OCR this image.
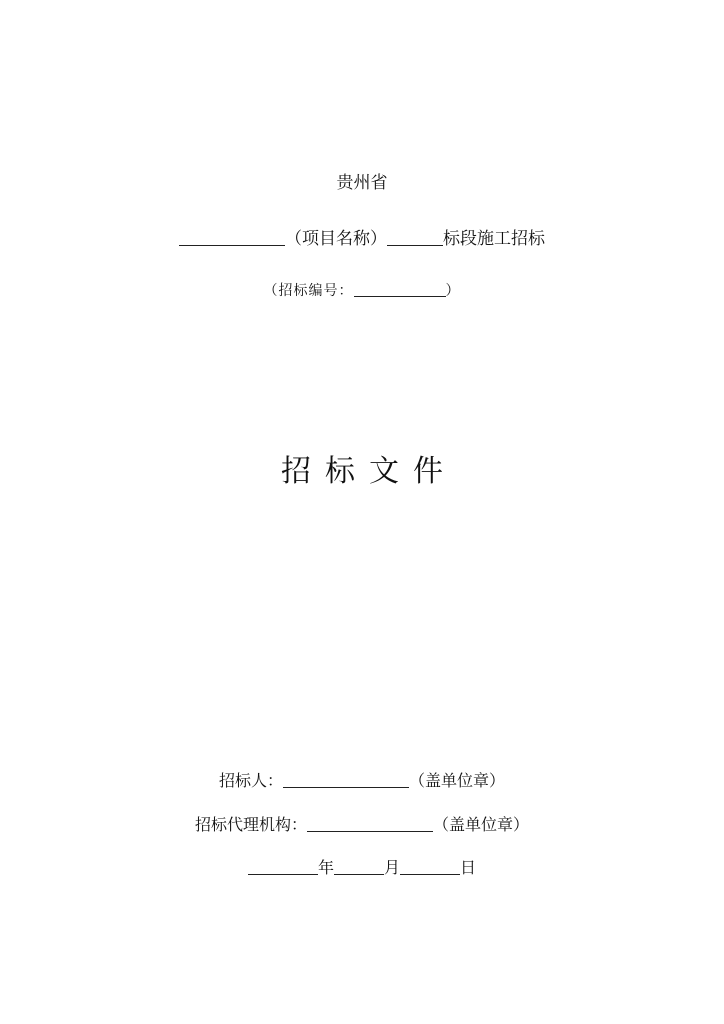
贵州省
（项目名称）	标段施工招标
（招标编号：	）
招标文件
招标人：	（盖单位章）
招标代理机构：	（盖单位章）
年	月	日
